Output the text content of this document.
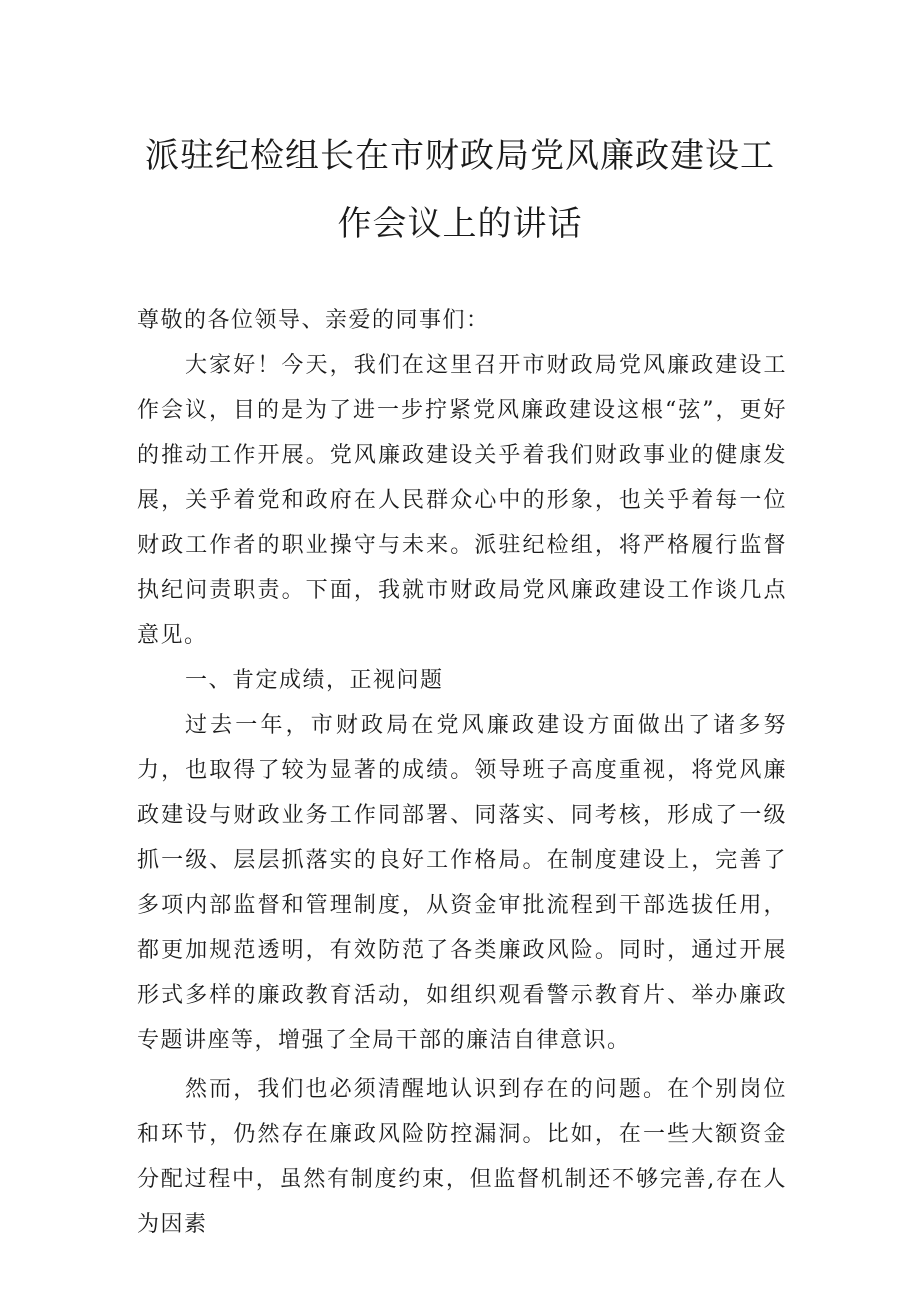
派驻纪检组长在市财政局党风廉政建设工
作会议上的讲话

尊敬的各位领导、亲爱的同事们：

大家好！今天，我们在这里召开市财政局党风廉政建设工作会议，目的是为了进一步拧紧党风廉政建设这根“弦”，更好的推动工作开展。党风廉政建设关乎着我们财政事业的健康发展，关乎着党和政府在人民群众心中的形象，也关乎着每一位财政工作者的职业操守与未来。派驻纪检组，将严格履行监督执纪问责职责。下面，我就市财政局党风廉政建设工作谈几点意见。

一、肯定成绩，正视问题

过去一年，市财政局在党风廉政建设方面做出了诸多努力，也取得了较为显著的成绩。领导班子高度重视，将党风廉政建设与财政业务工作同部署、同落实、同考核，形成了一级抓一级、层层抓落实的良好工作格局。在制度建设上，完善了多项内部监督和管理制度，从资金审批流程到干部选拔任用，都更加规范透明，有效防范了各类廉政风险。同时，通过开展形式多样的廉政教育活动，如组织观看警示教育片、举办廉政专题讲座等，增强了全局干部的廉洁自律意识。

然而，我们也必须清醒地认识到存在的问题。在个别岗位和环节，仍然存在廉政风险防控漏洞。比如，在一些大额资金分配过程中，虽然有制度约束，但监督机制还不够完善,存在人为因素
